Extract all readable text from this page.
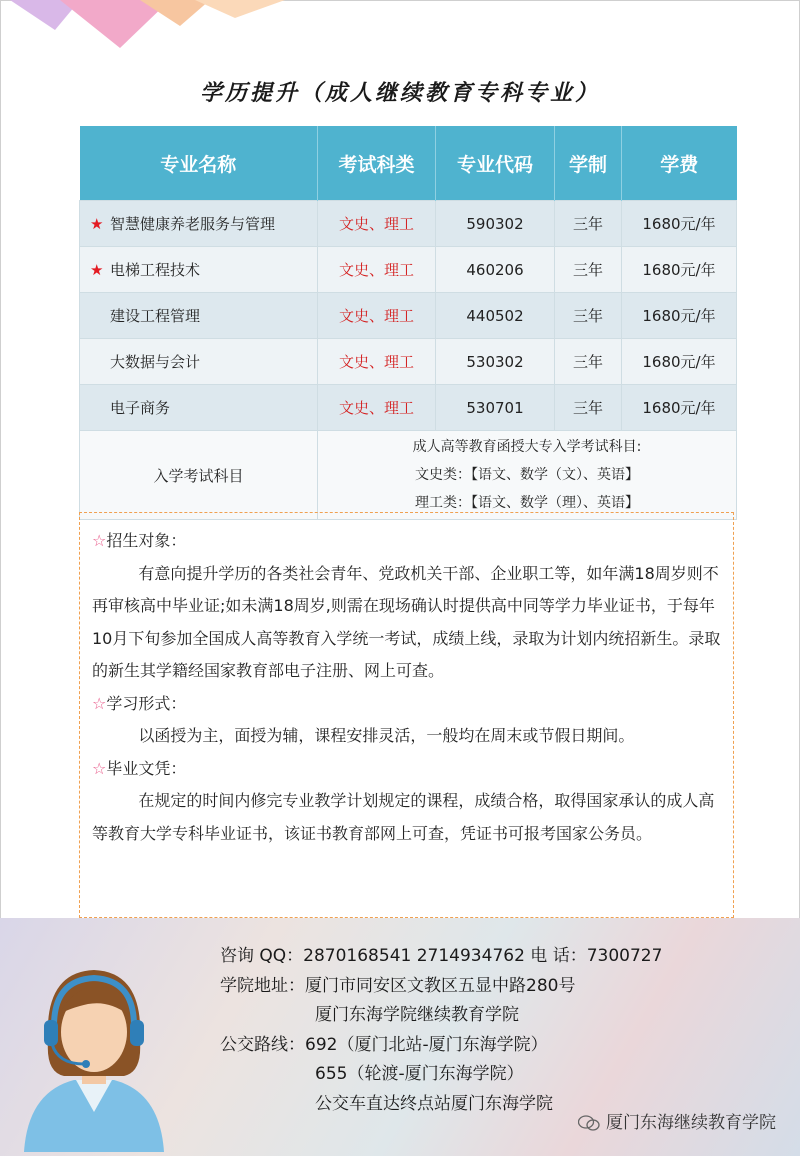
学历提升（成人继续教育专科专业）
专业名称	考试科类	专业代码	学制	学费
★ 智慧健康养老服务与管理	文史、理工	590302	三年	1680元/年
★ 电梯工程技术	文史、理工	460206	三年	1680元/年
建设工程管理	文史、理工	440502	三年	1680元/年
大数据与会计	文史、理工	530302	三年	1680元/年
电子商务	文史、理工	530701	三年	1680元/年
入学考试科目	成人高等教育函授大专入学考试科目:
文史类：【语文、数学（文）、英语】
理工类：【语文、数学（理）、英语】			
☆招生对象：
有意向提升学历的各类社会青年、党政机关干部、企业职工等，如年满18周岁则不再审核高中毕业证;如未满18周岁,则需在现场确认时提供高中同等学力毕业证书，于每年10月下旬参加全国成人高等教育入学统一考试，成绩上线，录取为计划内统招新生。录取的新生其学籍经国家教育部电子注册、网上可查。
☆学习形式：
以函授为主，面授为辅，课程安排灵活，一般均在周末或节假日期间。
☆毕业文凭：
在规定的时间内修完专业教学计划规定的课程，成绩合格，取得国家承认的成人高等教育大学专科毕业证书，该证书教育部网上可查，凭证书可报考国家公务员。
咨询 QQ：2870168541 2714934762 电 话：7300727
学院地址：厦门市同安区文教区五显中路280号
厦门东海学院继续教育学院
公交路线：692（厦门北站-厦门东海学院）
655（轮渡-厦门东海学院）
公交车直达终点站厦门东海学院
厦门东海继续教育学院
